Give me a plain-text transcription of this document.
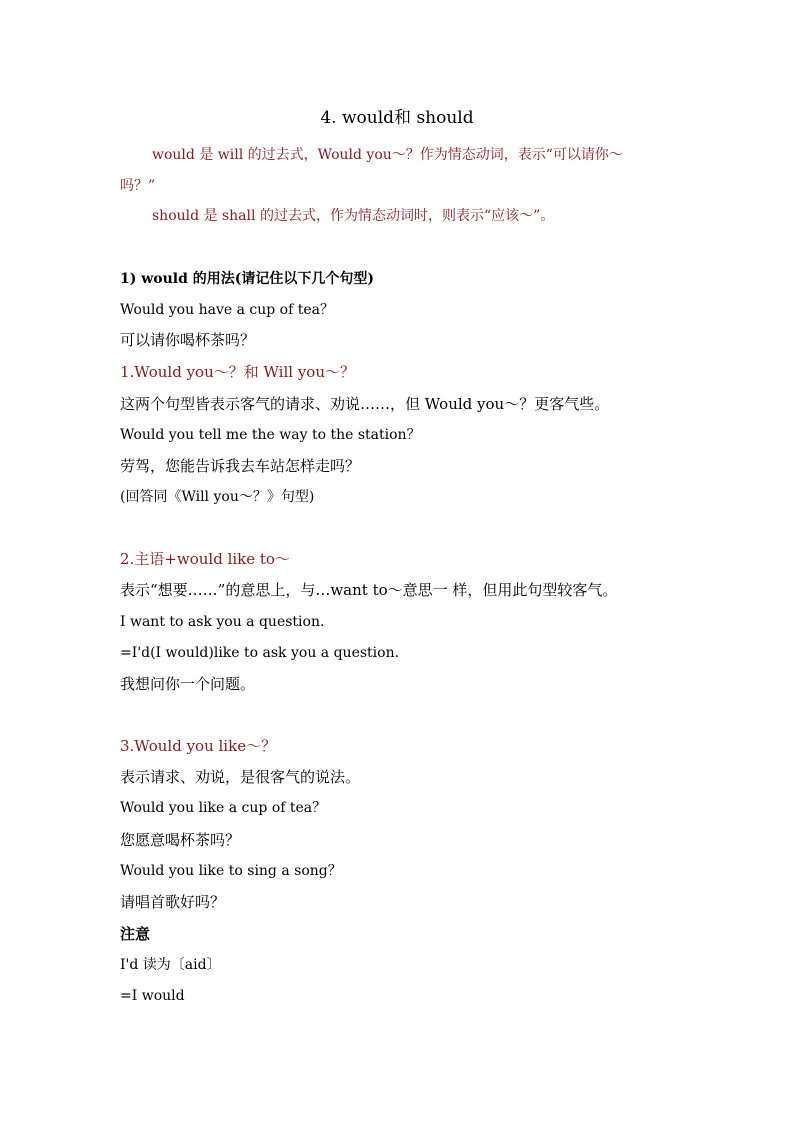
4. would和 should
would 是 will 的过去式，Would you～？作为情态动词，表示“可以请你～
吗？”
should 是 shall 的过去式，作为情态动词时，则表示“应该～”。
1) would 的用法(请记住以下几个句型)
Would you have a cup of tea？
可以请你喝杯茶吗？
1.Would you～？和 Will you～？
这两个句型皆表示客气的请求、劝说……，但 Would you～？更客气些。
Would you tell me the way to the station？
劳驾，您能告诉我去车站怎样走吗？
(回答同《Will you～？》句型)
2.主语+would like to～
表示“想要……”的意思上，与…want to～意思一 样，但用此句型较客气。
I want to ask you a question.
=I'd(I would)like to ask you a question.
我想问你一个问题。
3.Would you like～？
表示请求、劝说，是很客气的说法。
Would you like a cup of tea？
您愿意喝杯茶吗？
Would you like to sing a song？
请唱首歌好吗？
注意
I'd 读为〔aid〕
=I would
